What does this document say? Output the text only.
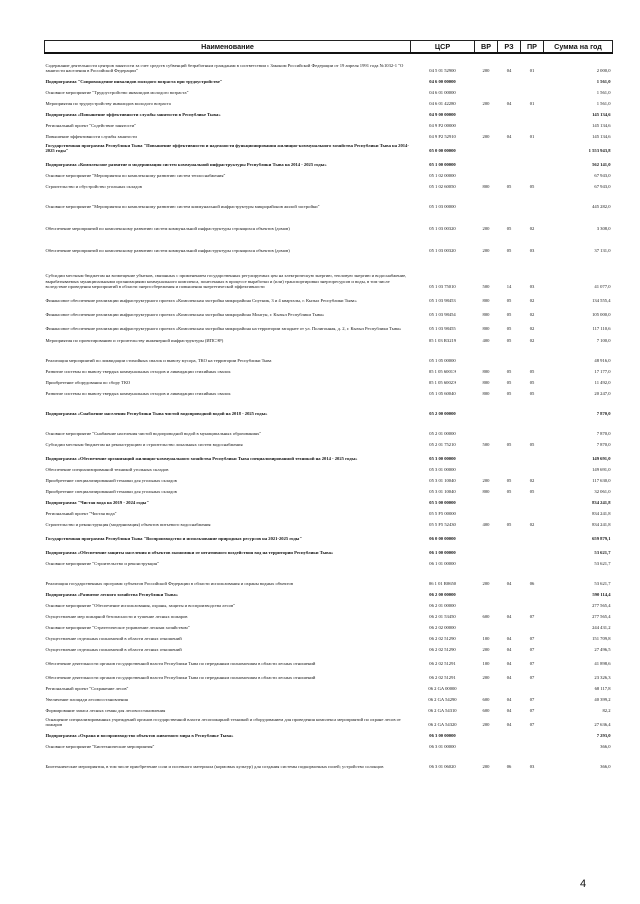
Наименование	ЦСР	ВР	РЗ	ПР	Сумма на год
Содержание деятельности центров занятости за счет средств субвенций безработным гражданам в соответствии с Законом Российской Федерации от 19 апреля 1991 года №1032-1 "О занятости населения в Российской Федерации"	04 5 01 52900	200	04	01	2 000,0
Подпрограмма "Сопровождение инвалидов молодого возраста при трудоустройстве"	04 6 00 00000				1 561,0
Основное мероприятие "Трудоустройство инвалидов молодого возраста"	04 6 01 00000				1 561,0
Мероприятия по трудоустройству инвалидов молодого возраста	04 6 01 42280	200	04	01	1 561,0
Подпрограмма «Повышение эффективности службы занятости в Республике Тыва»	04 9 00 00000				145 134,6
Региональный проект "Содействие занятости"	04 9 P2 00000				145 134,6
Повышение эффективности службы занятости	04 9 P2 52910	200	04	01	145 134,6
Государственная программа Республики Тыва "Повышение эффективности и надежности функционирования жилищно-коммунального хозяйства Республики Тыва на 2014-2025 годы"	05 0 00 00000				1 553 943,8
Подпрограмма «Комплексное развитие и модернизация систем коммунальной инфраструктуры Республики Тыва на 2014 - 2025 годы»	05 1 00 00000				562 141,0
Основное мероприятие "Мероприятия по комплексному развитию систем теплоснабжения"	05 1 02 00000				67 943,0
Строительство и обустройство угольных складов	05 1 02 60050	800	05	05	67 943,0
Основное мероприятие "Мероприятия по комплексному развитию систем коммунальной инфраструктуры микрорайонов жилой застройки"	05 1 03 00000				445 282,0
Обеспечение мероприятий по комплексному развитию систем коммунальной инфраструктуры строящихся объектов (домов)	05 1 03 00320	200	05	02	3 308,0
Обеспечение мероприятий по комплексному развитию систем коммунальной инфраструктуры строящихся объектов (домов)	05 1 03 00320	200	05	03	37 131,0
Субсидии местным бюджетам на возмещение убытков, связанных с применением государственных регулируемых цен на электрическую энергию, тепловую энергию и водоснабжение, вырабатываемых муниципальными организациями коммунального комплекса, понесенных в процессе выработки и (или) транспортировки энергоресурсов и воды, в том числе вследствие проведения мероприятий в области энергосбережения и повышения энергетической эффективности	05 1 03 75010	500	14	03	41 077,0
Финансовое обеспечение реализации инфраструктурного проекта «Комплексная застройка микрорайона Спутник, 3 и 4 кварталы, г. Кызыл Республики Тыва»	05 1 03 98453	800	05	02	134 555,4
Финансовое обеспечение реализации инфраструктурного проекта «Комплексная застройка микрорайона Монгун, г. Кызыл Республики Тыва»	05 1 03 98454	800	05	02	105 000,0
Финансовое обеспечение реализации инфраструктурного проекта «Комплексная застройка микрорайона на территории западнее от ул. Полигонная, д. 2, г. Кызыл Республики Тыва»	05 1 03 98455	800	05	02	117 110,6
Мероприятия по проектированию и строительству инженерной инфраструктуры (ИПСЭР)	05 1 03 R3219	400	05	02	7 100,0
Реализация мероприятий по ликвидации стихийных свалок и вывозу мусора, ТКО на территории Республики Тыва	05 1 05 00000				48 916,0
Развитие системы по вывозу твердых коммунальных отходов и ликвидации стихийных свалок	05 1 05 6001Э	800	05	05	17 177,0
Приобретение оборудования по сбору ТКО	05 1 05 6002Э	800	05	05	11 492,0
Развитие системы по вывозу твердых коммунальных отходов и ликвидации стихийных свалок	05 1 05 60040	800	05	05	20 247,0
Подпрограмма «Снабжение населения Республики Тыва чистой водопроводной водой на 2018 - 2025 годы»	05 2 00 00000				7 870,0
Основное мероприятие "Снабжение населения чистой водопроводной водой в муниципальных образованиях"	05 2 01 00000				7 870,0
Субсидии местным бюджетам на реконструкцию и строительство локальных систем водоснабжения	05 2 01 75210	500	05	05	7 870,0
Подпрограмма «Обеспечение организаций жилищно-коммунального хозяйства Республики Тыва специализированной техникой на 2014 - 2025 годы»	05 3 00 00000				149 691,0
Обеспечение специализированной техникой угольных складов	05 3 01 00000				149 691,0
Приобретение специализированной техники для угольных складов	05 3 01 10040	200	05	02	117 630,0
Приобретение специализированной техники для угольных складов	05 3 01 10040	800	05	05	32 061,0
Подпрограмма "Чистая вода на 2019 - 2024 годы"	05 5 00 00000				834 241,8
Региональный проект "Чистая вода"	05 5 F5 00000				834 241,8
Строительство и реконструкция (модернизация) объектов питьевого водоснабжения	05 5 F5 52430	400	05	02	834 241,8
Государственная программа Республики Тыва "Воспроизводство и использование природных ресурсов на 2021-2025 годы"	06 0 00 00000				659 879,1
Подпрограмма «Обеспечение защиты населения и объектов экономики от негативного воздействия вод на территории Республики Тыва»	06 1 00 00000				53 621,7
Основное мероприятие "Строительство и реконструкция"	06 1 01 00000				53 621,7
Реализация государственных программ субъектов Российской Федерации в области использования и охраны водных объектов	06 1 01 R0650	200	04	06	53 621,7
Подпрограмма «Развитие лесного хозяйства Республики Тыва»	06 2 00 00000				590 114,4
Основное мероприятие "Обеспечение использования, охраны, защиты и воспроизводства лесов"	06 2 01 00000				277 565,4
Осуществление мер пожарной безопасности и тушение лесных пожаров	06 2 01 53450	600	04	07	277 565,4
Основное мероприятие "Стратегическое управление лесным хозяйством"	06 2 02 00000				244 431,2
Осуществление отдельных полномочий в области лесных отношений	06 2 02 51290	100	04	07	151 709,8
Осуществление отдельных полномочий в области лесных отношений	06 2 02 51290	200	04	07	27 496,5
Обеспечение деятельности органов государственной власти Республики Тыва по переданным полномочиям в области лесных отношений	06 2 02 51291	100	04	07	41 898,6
Обеспечение деятельности органов государственной власти Республики Тыва по переданным полномочиям в области лесных отношений	06 2 02 51291	200	04	07	23 326,3
Региональный проект "Сохранение лесов"	06 2 GA 00000				68 117,8
Увеличение площади лесовосстановления	06 2 GA 54290	600	04	07	40 399,2
Формирование запаса лесных семян для лесовосстановления	06 2 GA 54310	600	04	07	82,2
Оснащение специализированных учреждений органов государственной власти лесопожарной техникой и оборудованием для проведения комплекса мероприятий по охране лесов от пожаров	06 2 GA 54320	200	04	07	27 636,4
Подпрограмма «Охрана и воспроизводство объектов животного мира в Республике Тыва»	06 3 00 00000				7 293,0
Основное мероприятие "Биотехнические мероприятия"	06 3 01 00000				366,0
Биотехнические мероприятия, в том числе приобретение соли и посевного материала (кормовых культур) для создания системы подкормочных полей; устройство солонцов	06 3 01 06020	200	06	03	366,0
4
